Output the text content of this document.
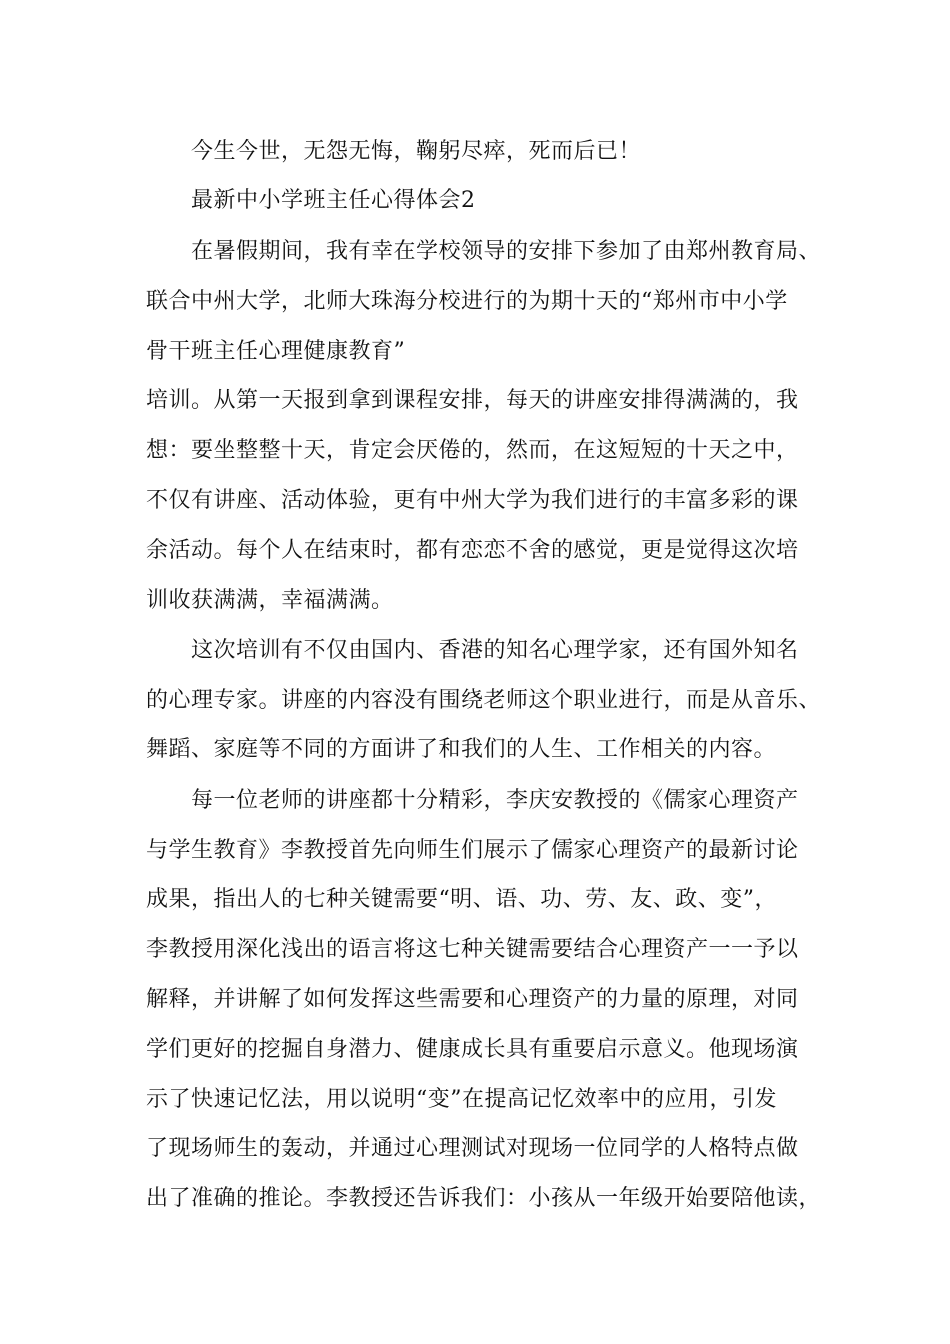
今生今世，无怨无悔，鞠躬尽瘁，死而后已！
最新中小学班主任心得体会2
在暑假期间，我有幸在学校领导的安排下参加了由郑州教育局、
联合中州大学，北师大珠海分校进行的为期十天的“郑州市中小学
骨干班主任心理健康教育”
培训。从第一天报到拿到课程安排，每天的讲座安排得满满的，我
想：要坐整整十天，肯定会厌倦的，然而，在这短短的十天之中，
不仅有讲座、活动体验，更有中州大学为我们进行的丰富多彩的课
余活动。每个人在结束时，都有恋恋不舍的感觉，更是觉得这次培
训收获满满，幸福满满。
这次培训有不仅由国内、香港的知名心理学家，还有国外知名
的心理专家。讲座的内容没有围绕老师这个职业进行，而是从音乐、
舞蹈、家庭等不同的方面讲了和我们的人生、工作相关的内容。
每一位老师的讲座都十分精彩，李庆安教授的《儒家心理资产
与学生教育》李教授首先向师生们展示了儒家心理资产的最新讨论
成果，指出人的七种关键需要“明、语、功、劳、友、政、变”，
李教授用深化浅出的语言将这七种关键需要结合心理资产一一予以
解释，并讲解了如何发挥这些需要和心理资产的力量的原理，对同
学们更好的挖掘自身潜力、健康成长具有重要启示意义。他现场演
示了快速记忆法，用以说明“变”在提高记忆效率中的应用，引发
了现场师生的轰动，并通过心理测试对现场一位同学的人格特点做
出了准确的推论。李教授还告诉我们：小孩从一年级开始要陪他读，
